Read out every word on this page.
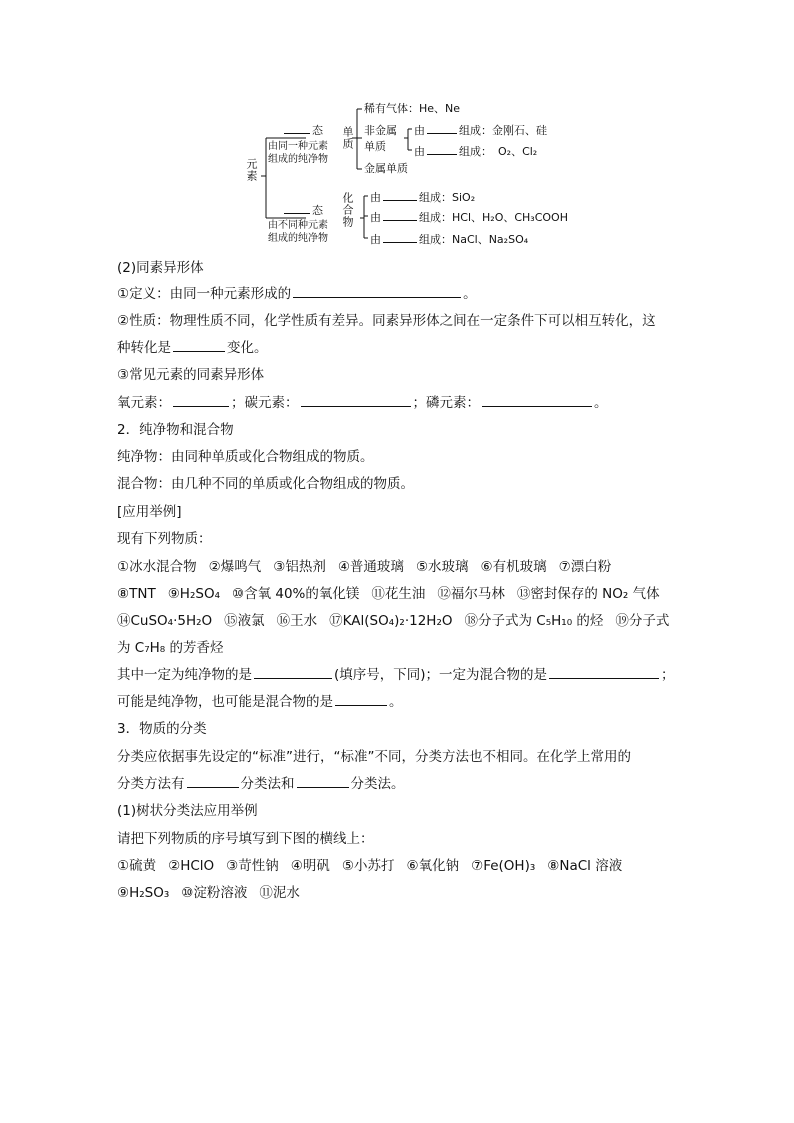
元素
态
由同一种元素
组成的纯净物
单质
稀有气体：He、Ne
非金属
单质
由	组成：金刚石、硅
由	组成： O₂、Cl₂
金属单质
态
由不同种元素
组成的纯净物
化合物 由	组成：SiO₂
由	组成：HCl、H₂O、CH₃COOH
由	组成：NaCl、Na₂SO₄
(2)同素异形体
①定义：由同一种元素形成的	。
②性质：物理性质不同，化学性质有差异。同素异形体之间在一定条件下可以相互转化，这
种转化是	变化。
③常见元素的同素异形体
氧元素：	；碳元素：	；磷元素：	。
2．纯净物和混合物
纯净物：由同种单质或化合物组成的物质。
混合物：由几种不同的单质或化合物组成的物质。
[应用举例]
现有下列物质：
①冰水混合物 ②爆鸣气 ③铝热剂 ④普通玻璃 ⑤水玻璃 ⑥有机玻璃 ⑦漂白粉
⑧TNT ⑨H₂SO₄ ⑩含氧 40%的氧化镁 ⑪花生油 ⑫福尔马林 ⑬密封保存的 NO₂ 气体
⑭CuSO₄·5H₂O ⑮液氯 ⑯王水 ⑰KAl(SO₄)₂·12H₂O ⑱分子式为 C₅H₁₀ 的烃 ⑲分子式
为 C₇H₈ 的芳香烃
其中一定为纯净物的是	(填序号，下同)；一定为混合物的是	；
可能是纯净物，也可能是混合物的是	。
3．物质的分类
分类应依据事先设定的“标准”进行，“标准”不同，分类方法也不相同。在化学上常用的
分类方法有	分类法和	分类法。
(1)树状分类法应用举例
请把下列物质的序号填写到下图的横线上：
①硫黄 ②HClO ③苛性钠 ④明矾 ⑤小苏打 ⑥氧化钠 ⑦Fe(OH)₃ ⑧NaCl 溶液
⑨H₂SO₃ ⑩淀粉溶液 ⑪泥水
